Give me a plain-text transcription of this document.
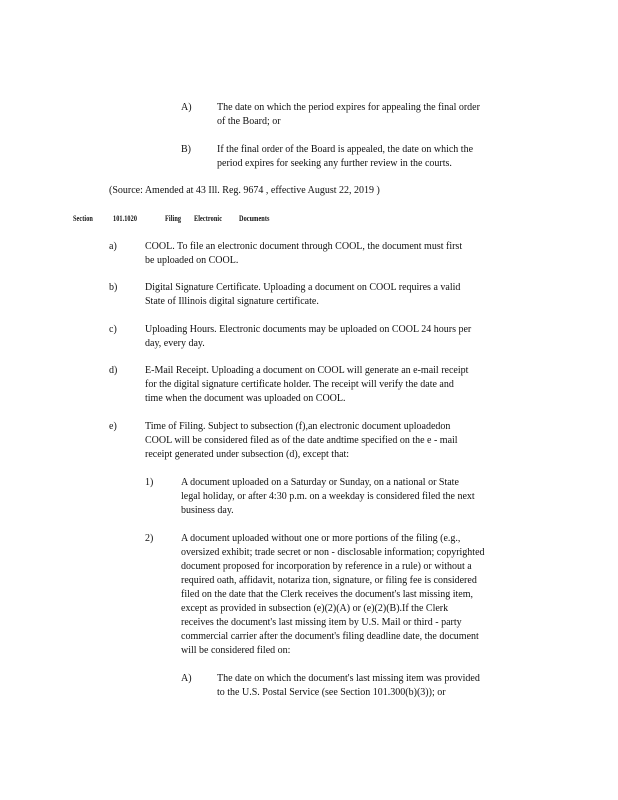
A)	The date on which the period expires for appealing the final order
of the Board; or
B)	If the final order of the Board is appealed, the date on which the
period expires for seeking any further review in the courts.
(Source: Amended at 43 Ill. Reg. 9674 , effective August 22, 2019 )
Section	101.1020	Filing Electronic Documents
a)	COOL. To file an electronic document through COOL, the document must first
be uploaded on COOL.
b)	Digital Signature Certificate. Uploading a document on COOL requires a valid
State of Illinois digital signature certificate.
c)	Uploading Hours. Electronic documents may be uploaded on COOL 24 hours per
day, every day.
d)	E-Mail Receipt. Uploading a document on COOL will generate an e-mail receipt
for the digital signature certificate holder. The receipt will verify the date and
time when the document was uploaded on COOL.
e)	Time of Filing. Subject to subsection (f),an electronic document uploadedon
COOL will be considered filed as of the date andtime specified on the e - mail
receipt generated under subsection (d), except that:
1)	A document uploaded on a Saturday or Sunday, on a national or State
legal holiday, or after 4:30 p.m. on a weekday is considered filed the next
business day.
2)	A document uploaded without one or more portions of the filing (e.g.,
oversized exhibit; trade secret or non - disclosable information; copyrighted
document proposed for incorporation by reference in a rule) or without a
required oath, affidavit, notariza tion, signature, or filing fee is considered
filed on the date that the Clerk receives the document's last missing item,
except as provided in subsection (e)(2)(A) or (e)(2)(B).If the Clerk
receives the document's last missing item by U.S. Mail or third - party
commercial carrier after the document's filing deadline date, the document
will be considered filed on:
A)	The date on which the document's last missing item was provided
to the U.S. Postal Service (see Section 101.300(b)(3)); or
